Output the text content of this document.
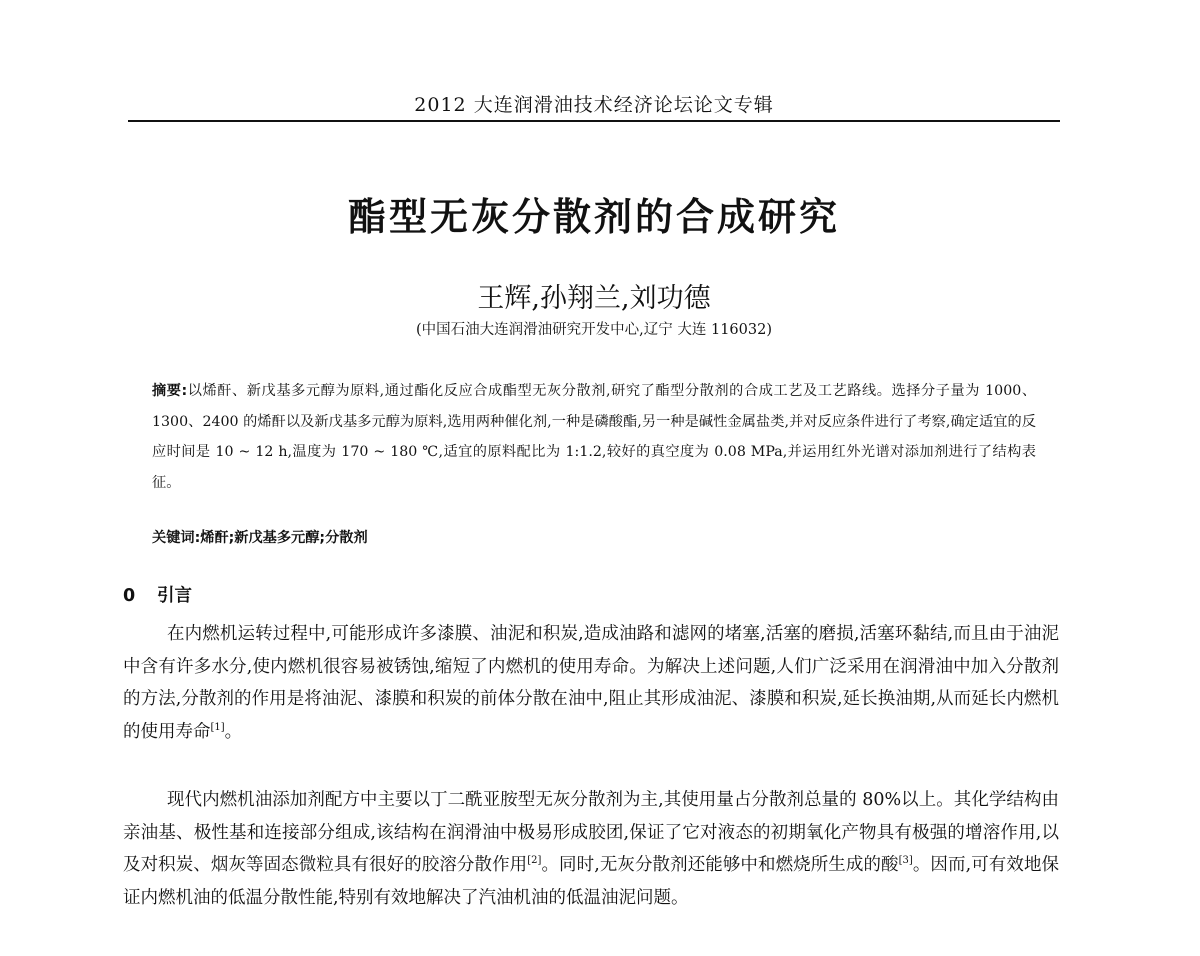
2012 大连润滑油技术经济论坛论文专辑
酯型无灰分散剂的合成研究
王辉,孙翔兰,刘功德
(中国石油大连润滑油研究开发中心,辽宁 大连 116032)
摘要:以烯酐、新戊基多元醇为原料,通过酯化反应合成酯型无灰分散剂,研究了酯型分散剂的合成工艺及工艺路线。选择分子量为 1000、1300、2400 的烯酐以及新戊基多元醇为原料,选用两种催化剂,一种是磷酸酯,另一种是碱性金属盐类,并对反应条件进行了考察,确定适宜的反应时间是 10 ~ 12 h,温度为 170 ~ 180 ℃,适宜的原料配比为 1:1.2,较好的真空度为 0.08 MPa,并运用红外光谱对添加剂进行了结构表征。
关键词:烯酐;新戊基多元醇;分散剂
0 引言
在内燃机运转过程中,可能形成许多漆膜、油泥和积炭,造成油路和滤网的堵塞,活塞的磨损,活塞环黏结,而且由于油泥中含有许多水分,使内燃机很容易被锈蚀,缩短了内燃机的使用寿命。为解决上述问题,人们广泛采用在润滑油中加入分散剂的方法,分散剂的作用是将油泥、漆膜和积炭的前体分散在油中,阻止其形成油泥、漆膜和积炭,延长换油期,从而延长内燃机的使用寿命[1]。
现代内燃机油添加剂配方中主要以丁二酰亚胺型无灰分散剂为主,其使用量占分散剂总量的 80%以上。其化学结构由亲油基、极性基和连接部分组成,该结构在润滑油中极易形成胶团,保证了它对液态的初期氧化产物具有极强的增溶作用,以及对积炭、烟灰等固态微粒具有很好的胶溶分散作用[2]。同时,无灰分散剂还能够中和燃烧所生成的酸[3]。因而,可有效地保证内燃机油的低温分散性能,特别有效地解决了汽油机油的低温油泥问题。
